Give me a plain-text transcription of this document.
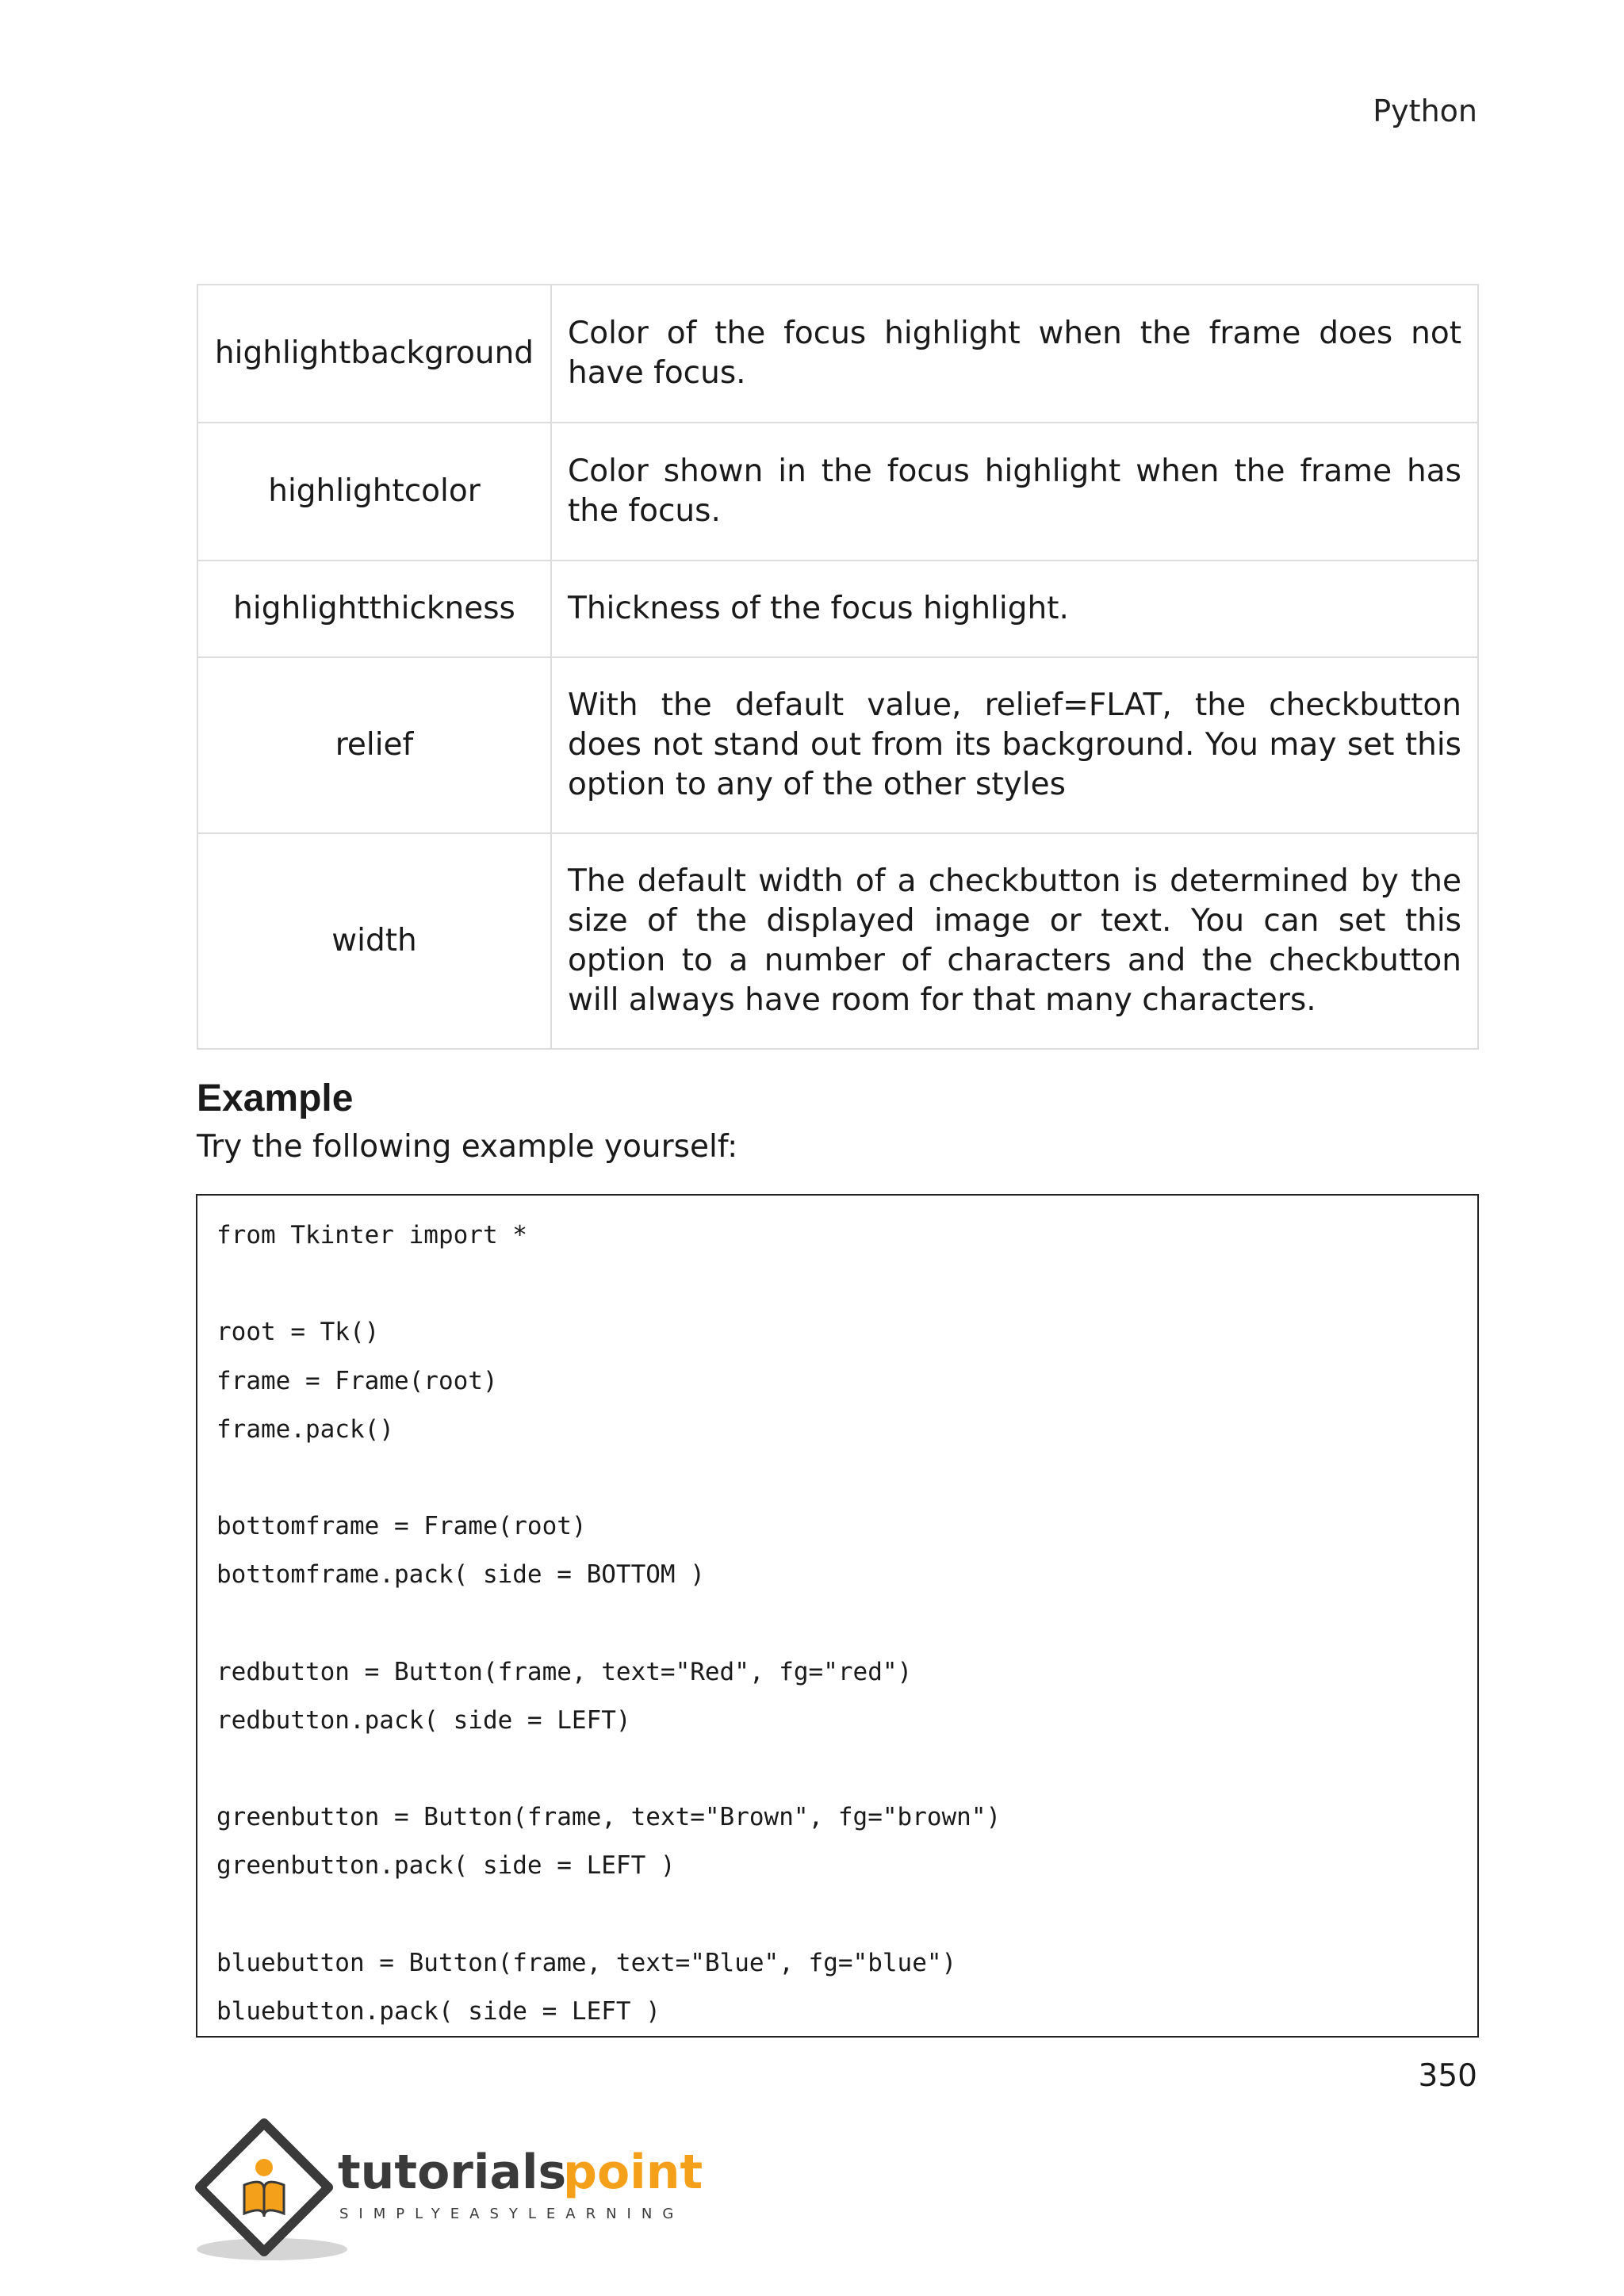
Python
highlightbackground	Color of the focus highlight when the frame does not have focus.
highlightcolor	Color shown in the focus highlight when the frame has the focus.
highlightthickness	Thickness of the focus highlight.
relief	With the default value, relief=FLAT, the checkbutton does not stand out from its background. You may set this option to any of the other styles
width	The default width of a checkbutton is determined by the size of the displayed image or text. You can set this option to a number of characters and the checkbutton will always have room for that many characters.
Example

Try the following example yourself:

from Tkinter import *
root = Tk()
frame = Frame(root)
frame.pack()
bottomframe = Frame(root)
bottomframe.pack( side = BOTTOM )
redbutton = Button(frame, text="Red", fg="red")
redbutton.pack( side = LEFT)
greenbutton = Button(frame, text="Brown", fg="brown")
greenbutton.pack( side = LEFT )
bluebutton = Button(frame, text="Blue", fg="blue")
bluebutton.pack( side = LEFT )
350
tutorials
point
SIMPLYEASYLEARNING
